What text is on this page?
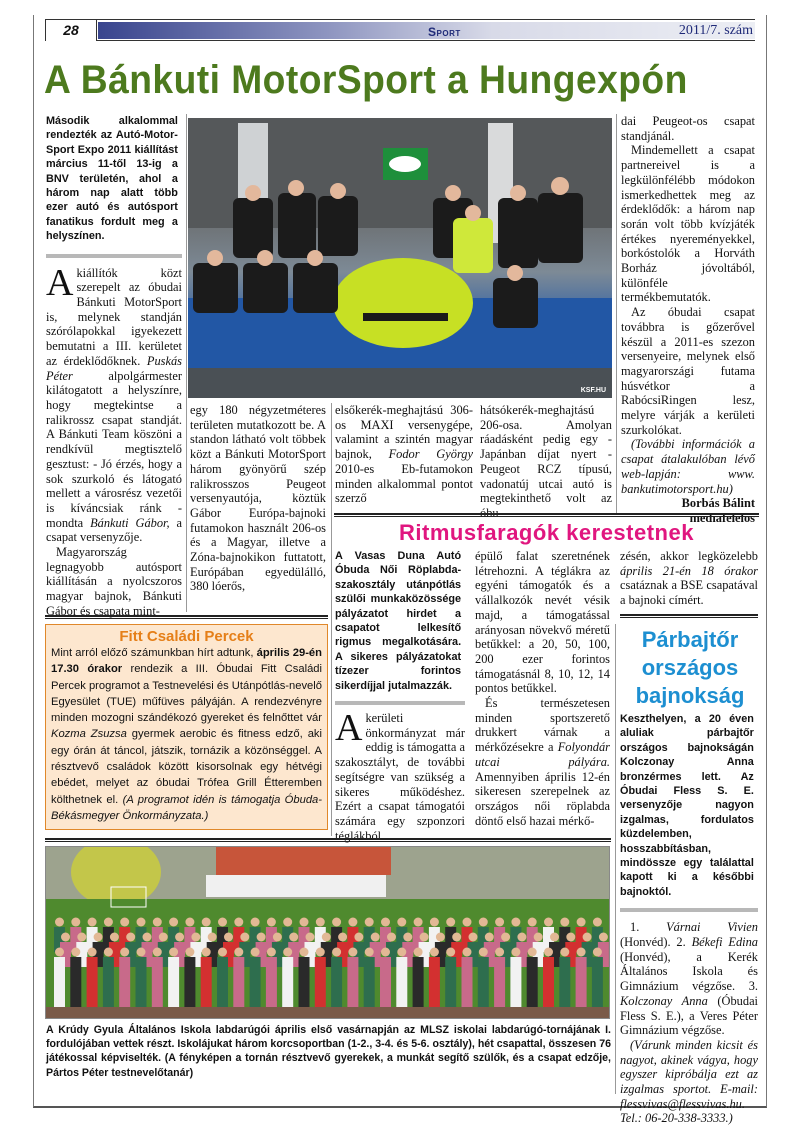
28	Sport	2011/7. szám
A Bánkuti MotorSport a Hungexpón
Második alkalommal rendezték az Autó-Motor-Sport Expo 2011 kiállítást március 11-től 13-ig a BNV területén, ahol a három nap alatt több ezer autó és autósport fanatikus fordult meg a helyszínen.

A kiállítók közt szerepelt az óbudai Bánkuti MotorSport is, melynek standján szórólapokkal igyekezett bemutatni a III. kerületet az érdeklődőknek. Puskás Péter alpolgármester kilátogatott a helyszínre, hogy megtekintse a ralikrossz csapat standját. A Bánkuti Team köszöni a rendkívül megtisztelő gesztust: - Jó érzés, hogy a sok szurkoló és látogató mellett a városrész vezetői is kíváncsiak ránk - mondta Bánkuti Gábor, a csapat versenyzője.

Magyarország legnagyobb autósport kiállításán a nyolcszoros magyar bajnok, Bánkuti Gábor és csapata mint-

KSF.HU

egy 180 négyzetméteres területen mutatkozott be. A standon látható volt többek közt a Bánkuti MotorSport három gyönyörű szép ralikrosszos Peugeot versenyautója, köztük Gábor Európa-bajnoki futamokon használt 206-os és a Magyar, illetve a Zóna-bajnokikon futtatott, Európában egyedülálló, 380 lóerős,

elsőkerék-meghajtású 306-os MAXI versenygépe, valamint a szintén magyar bajnok, Fodor György 2010-es Eb-futamokon minden alkalommal pontot szerző

hátsókerék-meghajtású 206-osa. Amolyan ráadásként pedig egy - Japánban díjat nyert - Peugeot RCZ típusú, vadonatúj utcai autó is megtekinthető volt az óbu-

dai Peugeot-os csapat standjánál.

Mindemellett a csapat partnereivel is a legkülönfélébb módokon ismerkedhettek meg az érdeklődők: a három nap során volt több kvízjáték értékes nyereményekkel, borkóstolók a Horváth Borház jóvoltából, különféle termékbemutatók.

Az óbudai csapat továbbra is gőzerővel készül a 2011-es szezon versenyeire, melynek első magyarországi futama húsvétkor a RabócsiRingen lesz, melyre várják a kerületi szurkolókat.

(További információk a csapat átalakulóban lévő web-lapján: www. bankutimotorsport.hu)

Borbás Bálint

médiafelelős

Fitt Családi Percek
Mint arról előző számunkban hírt adtunk, április 29-én 17.30 órakor rendezik a III. Óbudai Fitt Családi Percek programot a Testnevelési és Utánpótlás-nevelő Egyesület (TUE) műfüves pályáján. A rendezvényre minden mozogni szándékozó gyereket és felnőttet vár Kozma Zsuzsa gyermek aerobic és fitness edző, aki egy órán át táncol, játszik, tornázik a közönséggel. A résztvevő családok között kisorsolnak egy hétvégi ebédet, melyet az óbudai Trófea Grill Étteremben költhetnek el. (A programot idén is támogatja Óbuda-Békásmegyer Önkormányzata.)
Ritmusfaragók kerestetnek
A Vasas Duna Autó Óbuda Női Röplabda-szakosztály utánpótlás szülői munkaközössége pályázatot hirdet a csapatot lelkesítő rigmus megalkotására. A sikeres pályázatokat tízezer forintos sikerdíjjal jutalmazzák.

A kerületi önkormányzat már eddig is támogatta a szakosztályt, de további segítségre van szükség a sikeres működéshez. Ezért a csapat támogatói számára egy szponzori téglákból

épülő falat szeretnének létrehozni. A téglákra az egyéni támogatók és a vállalkozók nevét vésik majd, a támogatással arányosan növekvő méretű betűkkel: a 20, 50, 100, 200 ezer forintos támogatásnál 8, 10, 12, 14 pontos betűkkel.

És természetesen minden sportszerető drukkert várnak a mérkőzésekre a Folyondár utcai pályára. Amennyiben április 12-én sikeresen szerepelnek az országos női röplabda döntő első hazai mérkő-

zésén, akkor legközelebb április 21-én 18 órakor csatáznak a BSE csapatával a bajnoki címért.

Párbajtőr
országos
bajnokság
Keszthelyen, a 20 éven aluliak párbajtőr országos bajnokságán Kolczonay Anna bronzérmes lett. Az Óbudai Fless S. E. versenyzője nagyon izgalmas, fordulatos küzdelemben, hosszabbításban, mindössze egy találattal kapott ki a későbbi bajnoktól.

1. Várnai Vivien (Honvéd). 2. Békefi Edina (Honvéd), a Kerék Általános Iskola és Gimnázium végzőse. 3. Kolczonay Anna (Óbudai Fless S. E.), a Veres Péter Gimnázium végzőse.

(Várunk minden kicsit és nagyot, akinek vágya, hogy egyszer kipróbálja ezt az izgalmas sportot. E-mail: flessvivas@flessvivas.hu. Tel.: 06-20-338-3333.)

A Krúdy Gyula Általános Iskola labdarúgói április első vasárnapján az MLSZ iskolai labdarúgó-tornájának I. fordulójában vettek részt. Iskolájukat három korcsoportban (1-2., 3-4. és 5-6. osztály), hét csapattal, összesen 76 játékossal képviselték. (A fényképen a tornán résztvevő gyerekek, a munkát segítő szülők, és a csapat edzője, Pártos Péter testnevelőtanár)
